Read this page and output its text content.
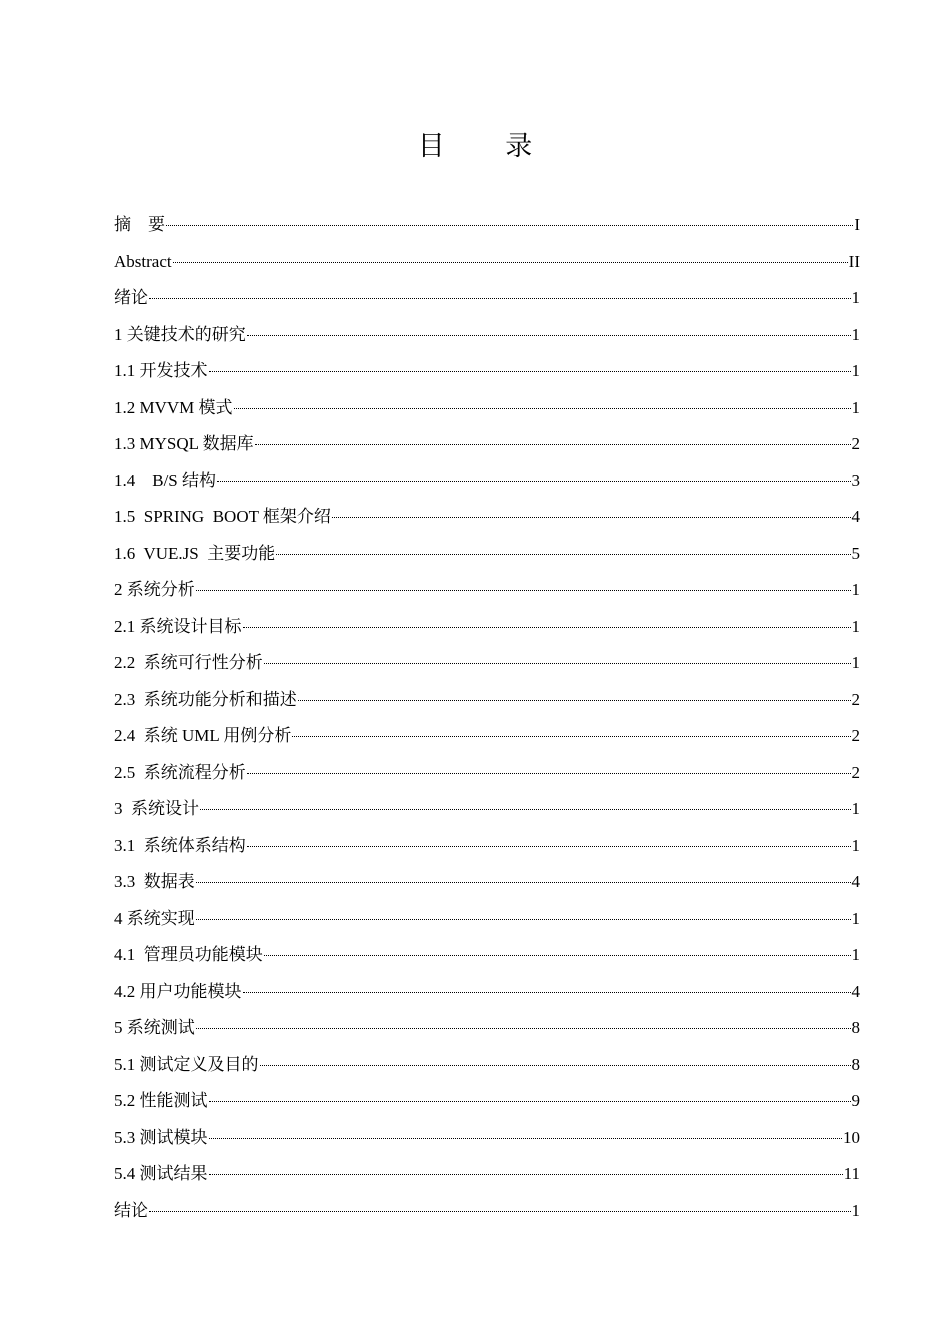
目 录
摘　要	I
Abstract	II
绪论	1
1 关键技术的研究	1
1.1 开发技术	1
1.2 MVVM 模式	1
1.3 MYSQL 数据库	2
1.4    B/S 结构	3
1.5  SPRING  BOOT 框架介绍	4
1.6  VUE.JS  主要功能	5
2 系统分析	1
2.1 系统设计目标	1
2.2  系统可行性分析	1
2.3  系统功能分析和描述	2
2.4  系统 UML 用例分析	2
2.5  系统流程分析	2
3  系统设计	1
3.1  系统体系结构	1
3.3  数据表	4
4 系统实现	1
4.1  管理员功能模块	1
4.2 用户功能模块	4
5 系统测试	8
5.1 测试定义及目的	8
5.2 性能测试	9
5.3 测试模块	10
5.4 测试结果	11
结论	1
